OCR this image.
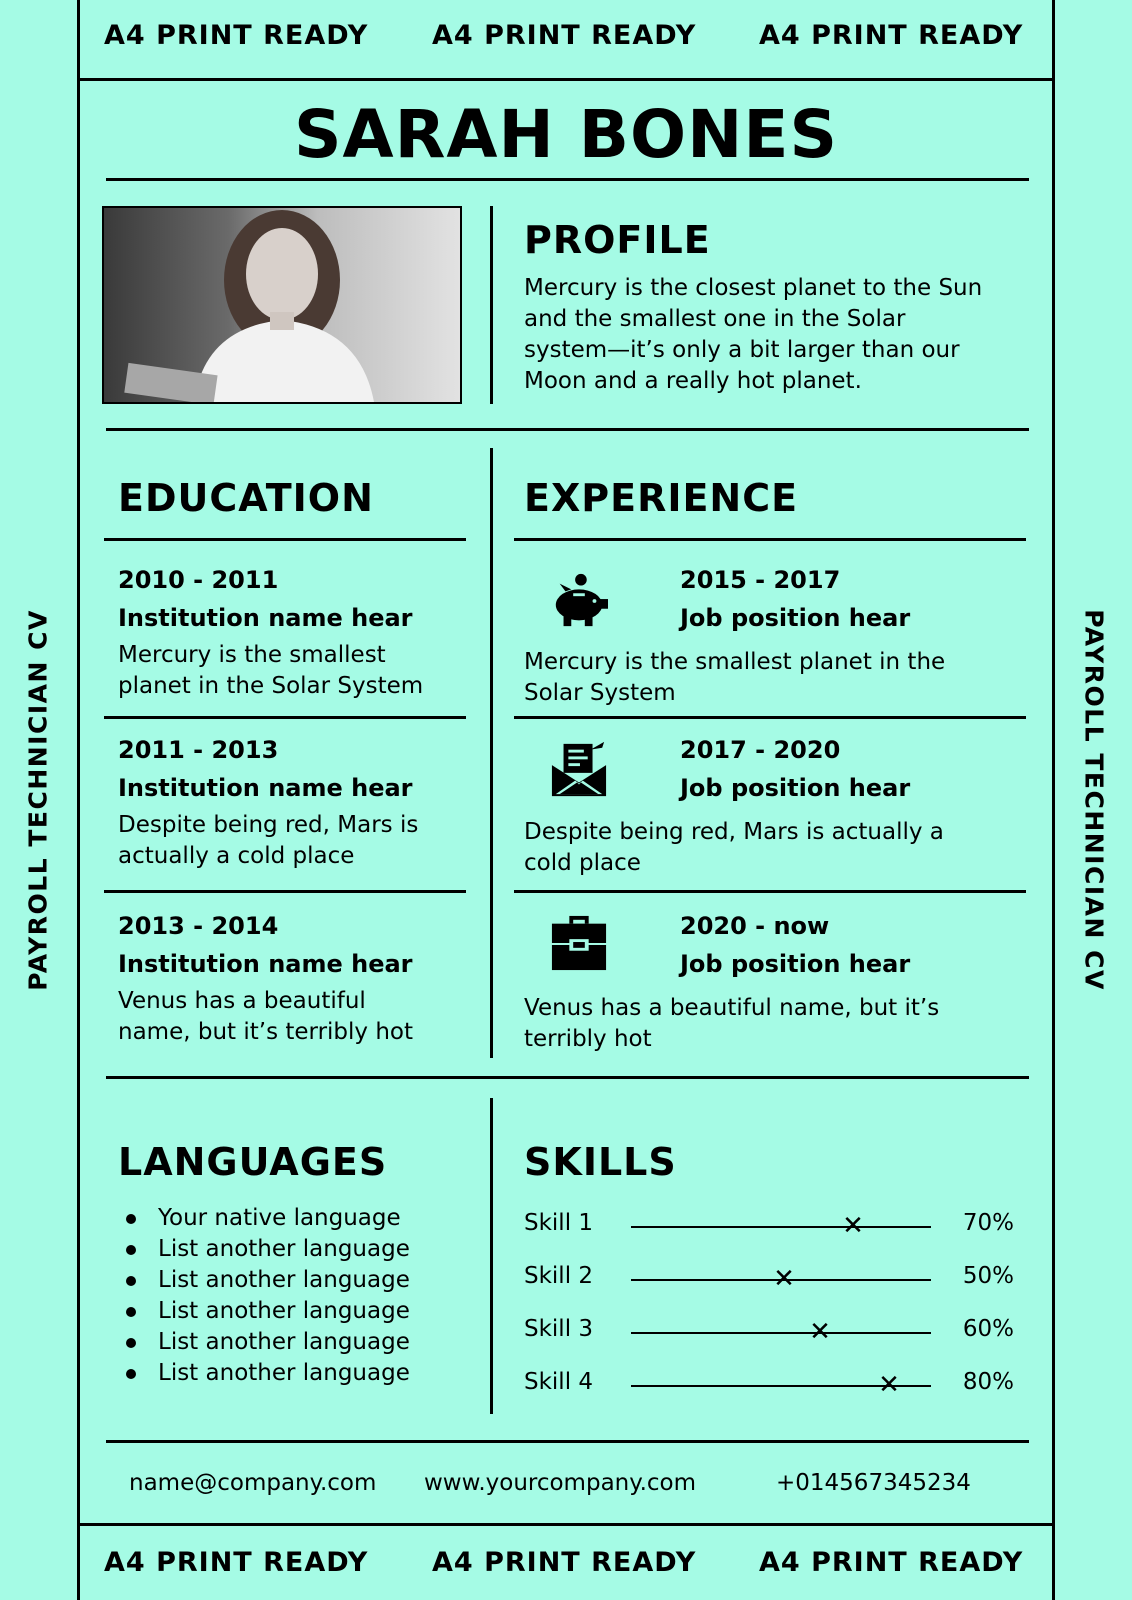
A4 PRINT READY A4 PRINT READY A4 PRINT READY
A4 PRINT READY A4 PRINT READY A4 PRINT READY
PAYROLL TECHNICIAN CV	PAYROLL TECHNICIAN CV
SARAH BONES
PROFILE
Mercury is the closest planet to the Sun
and the smallest one in the Solar
system—it’s only a bit larger than our
Moon and a really hot planet.
EDUCATION
2010 - 2011
Institution name hear
Mercury is the smallest
planet in the Solar System
2011 - 2013
Institution name hear
Despite being red, Mars is
actually a cold place
2013 - 2014
Institution name hear
Venus has a beautiful
name, but it’s terribly hot
EXPERIENCE
2015 - 2017
Job position hear
Mercury is the smallest planet in the
Solar System
2017 - 2020
Job position hear
Despite being red, Mars is actually a
cold place
2020 - now
Job position hear
Venus has a beautiful name, but it’s
terribly hot
LANGUAGES
Your native language
List another language
List another language
List another language
List another language
List another language
SKILLS
Skill 1	✕	70%
Skill 2	✕	50%
Skill 3	✕	60%
Skill 4	✕	80%
name@company.com www.yourcompany.com	+014567345234
